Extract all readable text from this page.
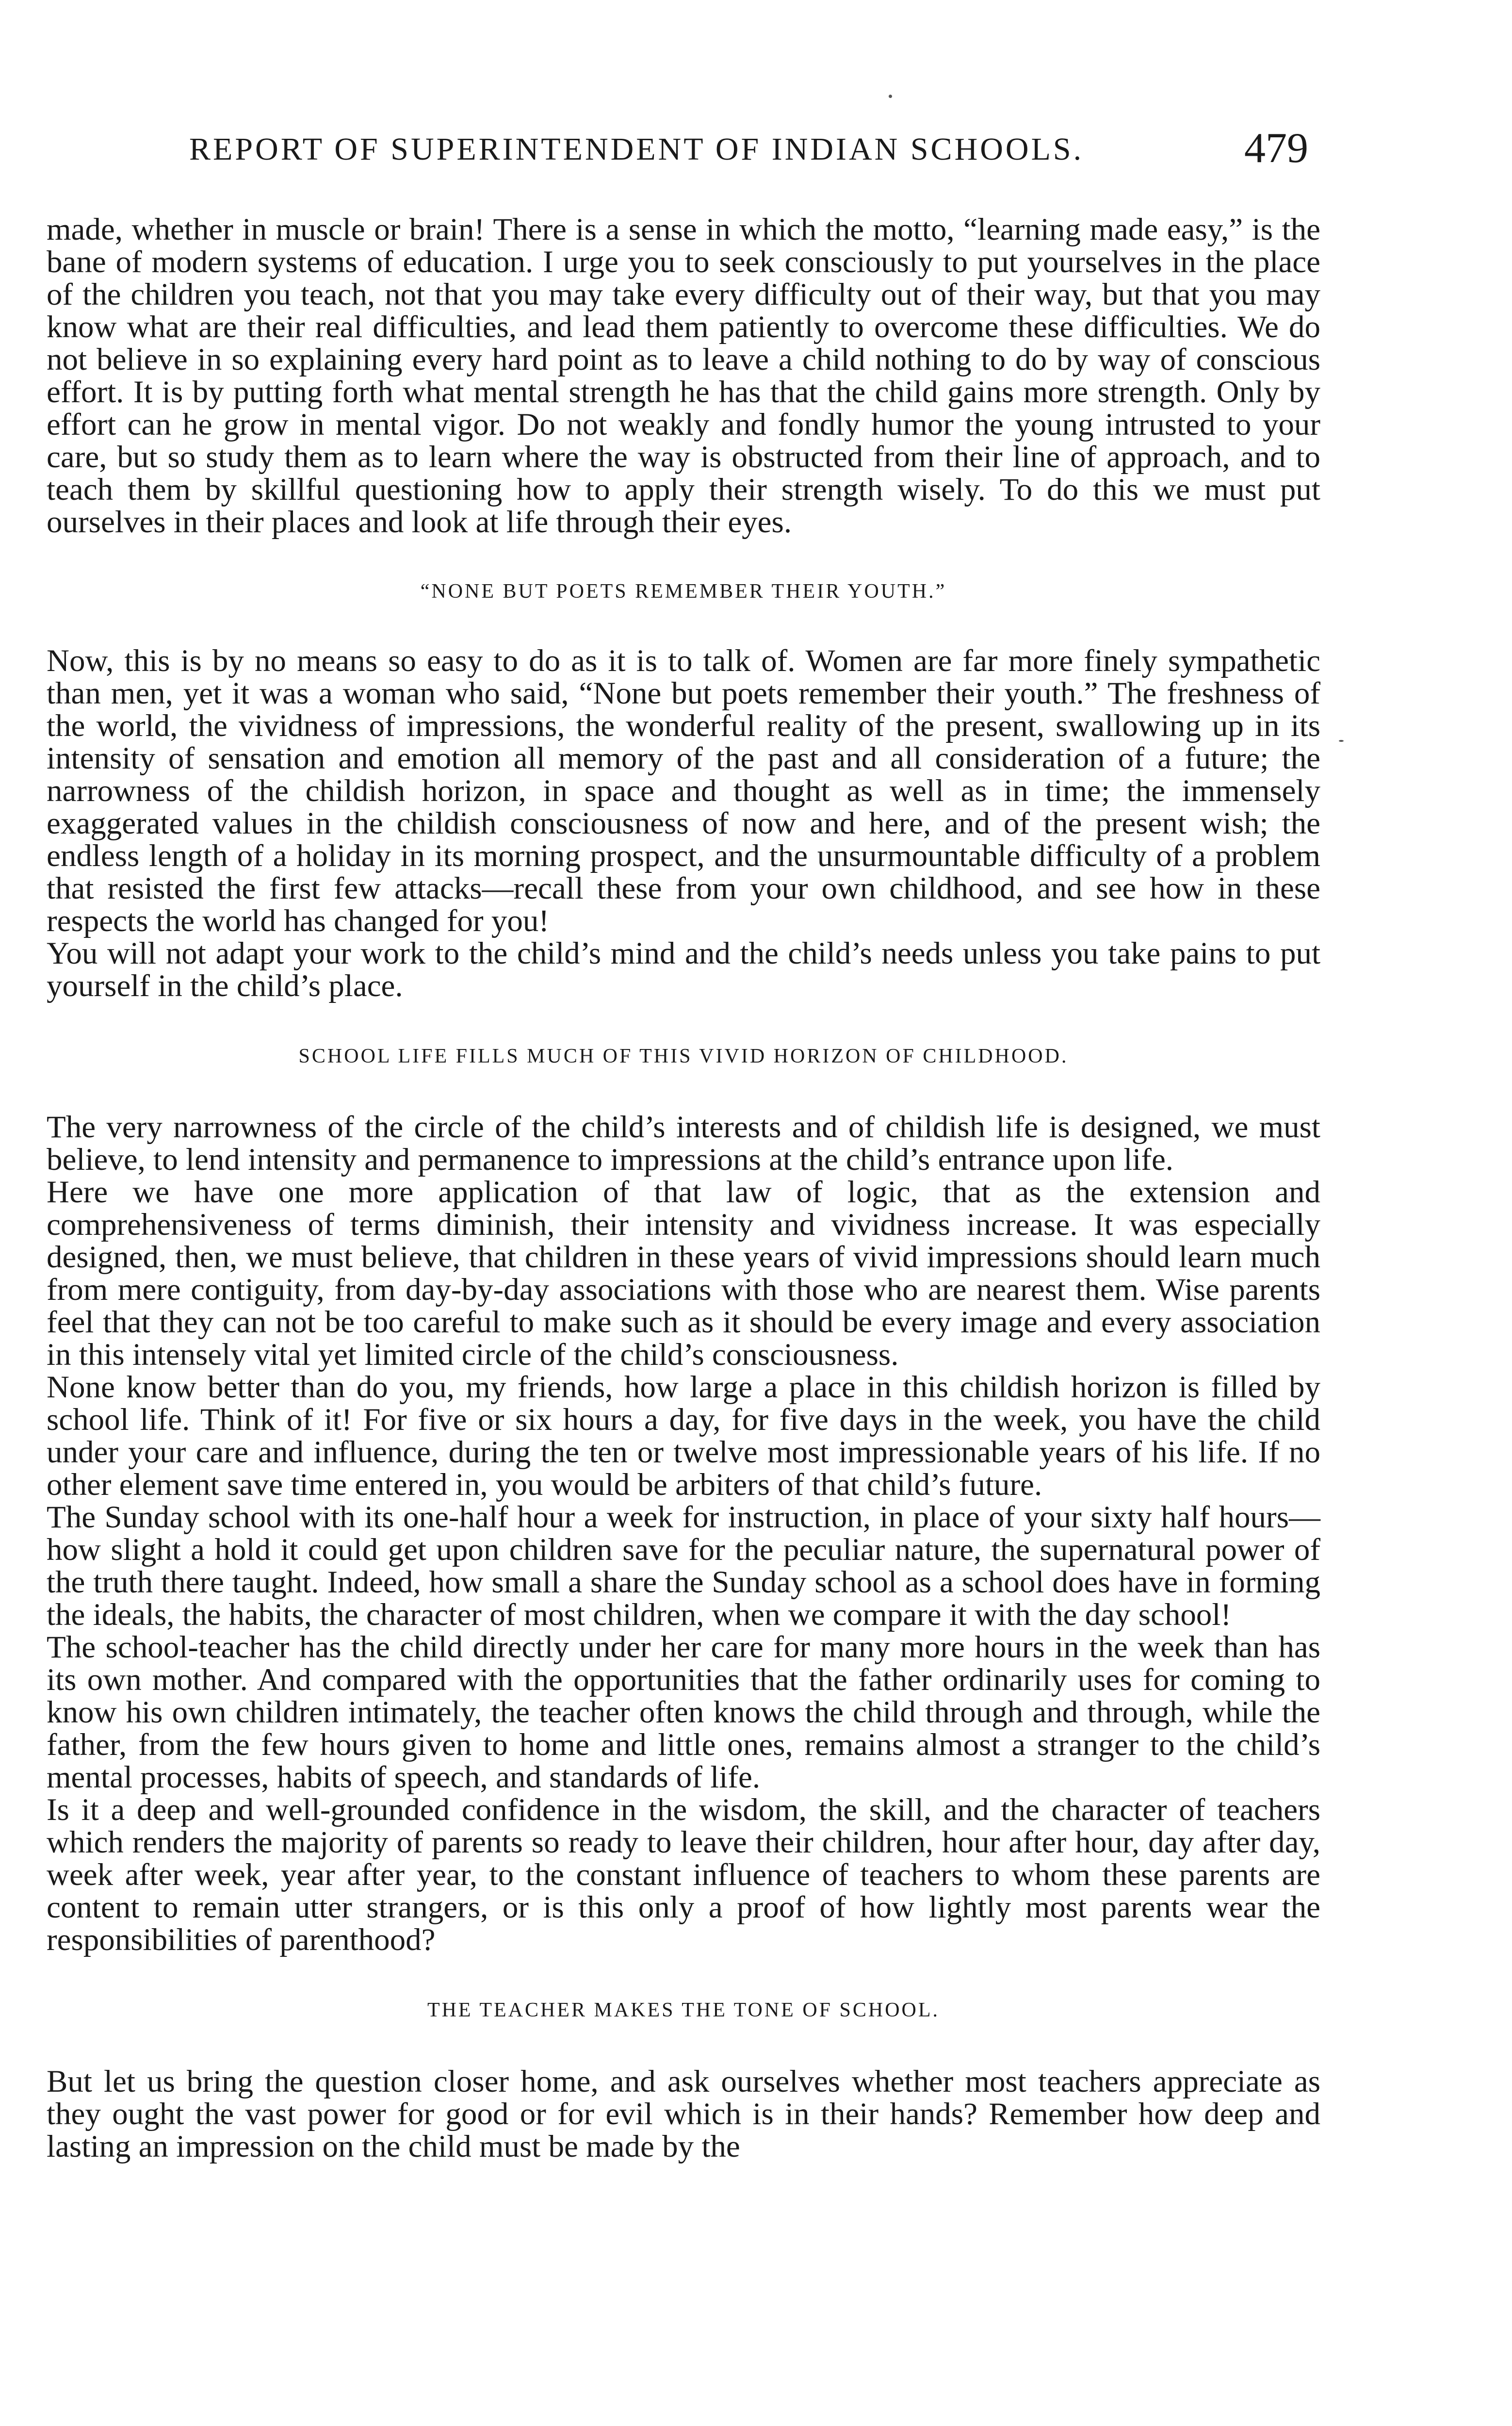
REPORT OF SUPERINTENDENT OF INDIAN SCHOOLS.	479

made, whether in muscle or brain! There is a sense in which the motto, “learning made easy,” is the bane of modern systems of education. I urge you to seek consciously to put yourselves in the place of the children you teach, not that you may take every difficulty out of their way, but that you may know what are their real difficulties, and lead them patiently to overcome these difficulties. We do not believe in so explaining every hard point as to leave a child nothing to do by way of conscious effort. It is by putting forth what mental strength he has that the child gains more strength. Only by effort can he grow in mental vigor. Do not weakly and fondly humor the young intrusted to your care, but so study them as to learn where the way is obstructed from their line of approach, and to teach them by skillful questioning how to apply their strength wisely. To do this we must put ourselves in their places and look at life through their eyes.

“NONE BUT POETS REMEMBER THEIR YOUTH.”

Now, this is by no means so easy to do as it is to talk of. Women are far more finely sympathetic than men, yet it was a woman who said, “None but poets remember their youth.” The freshness of the world, the vividness of impressions, the wonderful reality of the present, swallowing up in its intensity of sensation and emotion all memory of the past and all consideration of a future; the narrowness of the childish horizon, in space and thought as well as in time; the immensely exaggerated values in the childish consciousness of now and here, and of the present wish; the endless length of a holiday in its morning prospect, and the unsurmountable difficulty of a problem that resisted the first few attacks—recall these from your own childhood, and see how in these respects the world has changed for you!

You will not adapt your work to the child’s mind and the child’s needs unless you take pains to put yourself in the child’s place.

SCHOOL LIFE FILLS MUCH OF THIS VIVID HORIZON OF CHILDHOOD.

The very narrowness of the circle of the child’s interests and of childish life is designed, we must believe, to lend intensity and permanence to impressions at the child’s entrance upon life.

Here we have one more application of that law of logic, that as the extension and comprehensiveness of terms diminish, their intensity and vividness increase. It was especially designed, then, we must believe, that children in these years of vivid impressions should learn much from mere contiguity, from day-by-day associations with those who are nearest them. Wise parents feel that they can not be too careful to make such as it should be every image and every association in this intensely vital yet limited circle of the child’s consciousness.

None know better than do you, my friends, how large a place in this childish horizon is filled by school life. Think of it! For five or six hours a day, for five days in the week, you have the child under your care and influence, during the ten or twelve most impressionable years of his life. If no other element save time entered in, you would be arbiters of that child’s future.

The Sunday school with its one-half hour a week for instruction, in place of your sixty half hours—how slight a hold it could get upon children save for the peculiar nature, the supernatural power of the truth there taught. Indeed, how small a share the Sunday school as a school does have in forming the ideals, the habits, the character of most children, when we compare it with the day school!

The school-teacher has the child directly under her care for many more hours in the week than has its own mother. And compared with the opportunities that the father ordinarily uses for coming to know his own children intimately, the teacher often knows the child through and through, while the father, from the few hours given to home and little ones, remains almost a stranger to the child’s mental processes, habits of speech, and standards of life.

Is it a deep and well-grounded confidence in the wisdom, the skill, and the character of teachers which renders the majority of parents so ready to leave their children, hour after hour, day after day, week after week, year after year, to the constant influence of teachers to whom these parents are content to remain utter strangers, or is this only a proof of how lightly most parents wear the responsibilities of parenthood?

THE TEACHER MAKES THE TONE OF SCHOOL.

But let us bring the question closer home, and ask ourselves whether most teachers appreciate as they ought the vast power for good or for evil which is in their hands? Remember how deep and lasting an impression on the child must be made by the
